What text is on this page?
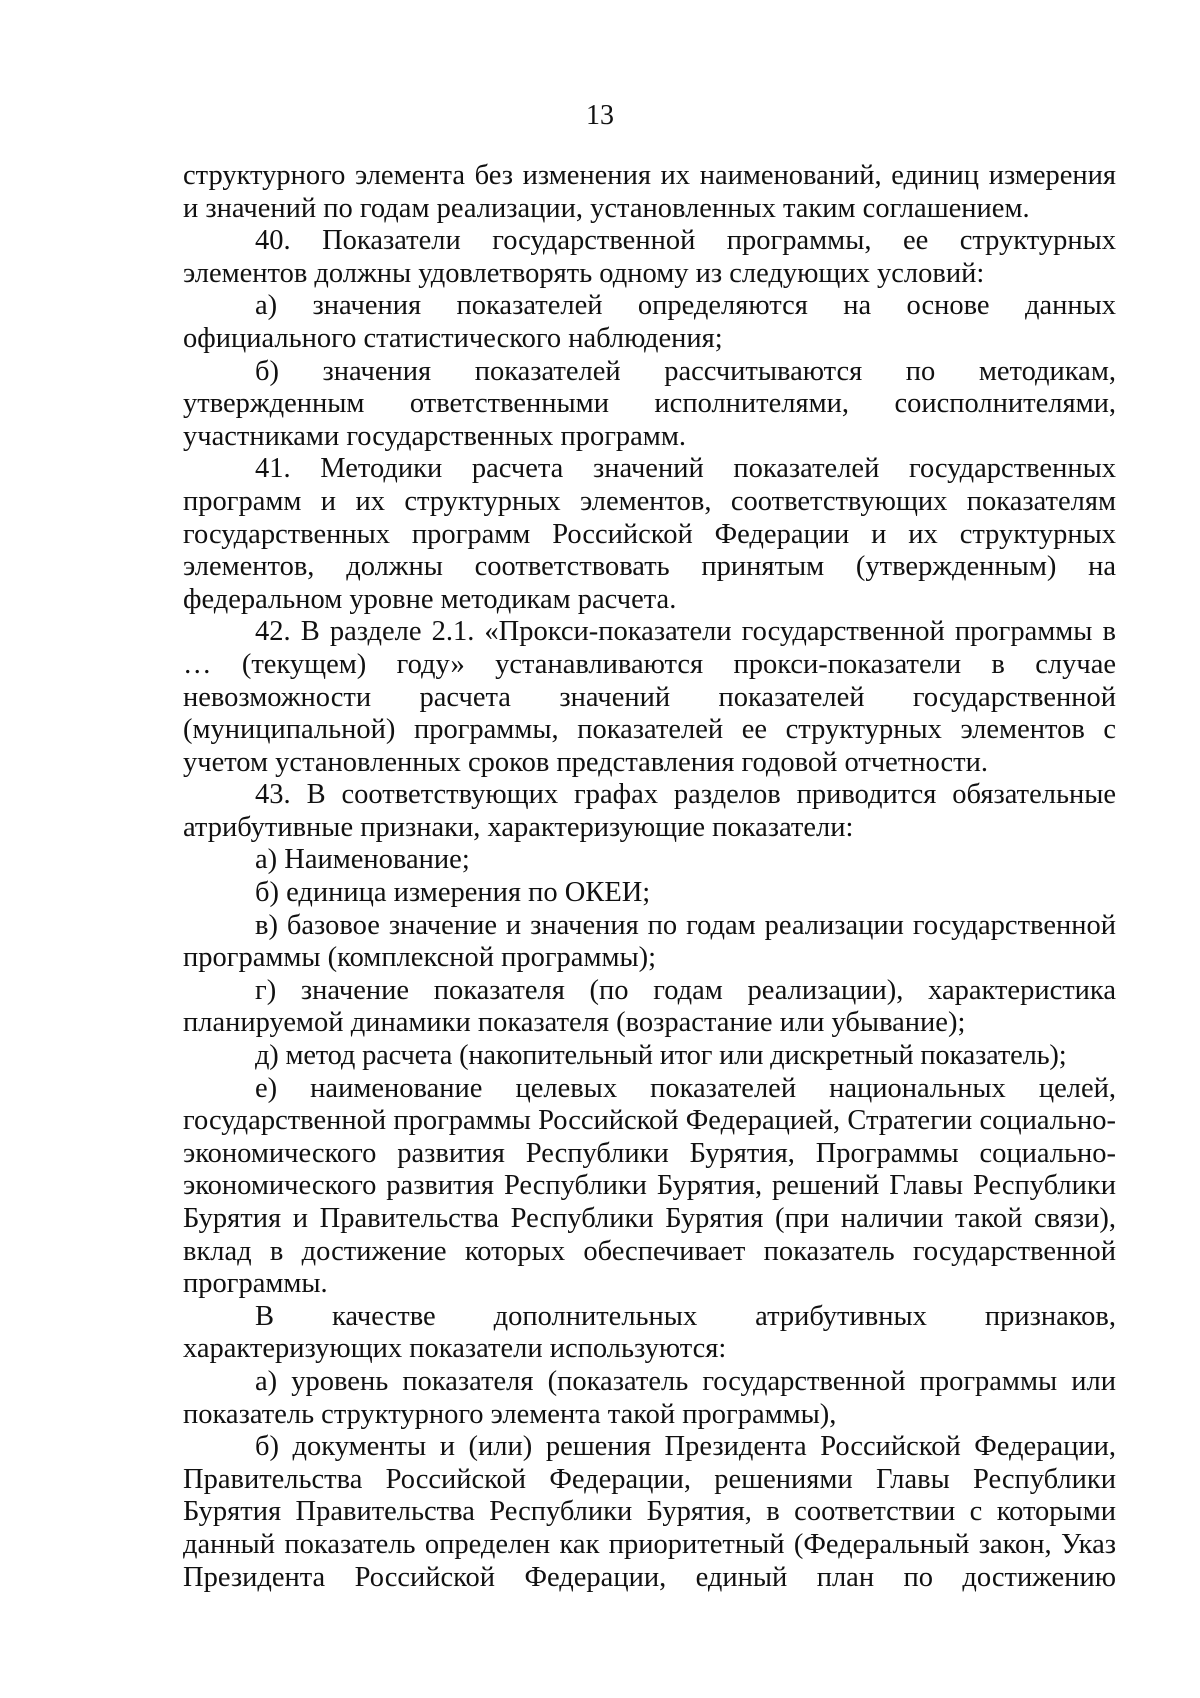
13

структурного элемента без изменения их наименований, единиц измерения и значений по годам реализации, установленных таким соглашением.

40. Показатели государственной программы, ее структурных элементов должны удовлетворять одному из следующих условий:

а) значения показателей определяются на основе данных официального статистического наблюдения;

б) значения показателей рассчитываются по методикам, утвержденным ответственными исполнителями, соисполнителями, участниками государственных программ.

41. Методики расчета значений показателей государственных программ и их структурных элементов, соответствующих показателям государственных программ Российской Федерации и их структурных элементов, должны соответствовать принятым (утвержденным) на федеральном уровне методикам расчета.

42. В разделе 2.1. «Прокси-показатели государственной программы в … (текущем) году» устанавливаются прокси-показатели в случае невозможности расчета значений показателей государственной (муниципальной) программы, показателей ее структурных элементов с учетом установленных сроков представления годовой отчетности.

43. В соответствующих графах разделов приводится обязательные атрибутивные признаки, характеризующие показатели:

а) Наименование;

б) единица измерения по ОКЕИ;

в) базовое значение и значения по годам реализации государственной программы (комплексной программы);

г) значение показателя (по годам реализации), характеристика планируемой динамики показателя (возрастание или убывание);

д) метод расчета (накопительный итог или дискретный показатель);

е) наименование целевых показателей национальных целей, государственной программы Российской Федерацией, Стратегии социально-экономического развития Республики Бурятия, Программы социально-экономического развития Республики Бурятия, решений Главы Республики Бурятия и Правительства Республики Бурятия (при наличии такой связи), вклад в достижение которых обеспечивает показатель государственной программы.

В качестве дополнительных атрибутивных признаков, характеризующих показатели используются:

а) уровень показателя (показатель государственной программы или показатель структурного элемента такой программы),

б) документы и (или) решения Президента Российской Федерации, Правительства Российской Федерации, решениями Главы Республики Бурятия Правительства Республики Бурятия, в соответствии с которыми данный показатель определен как приоритетный (Федеральный закон, Указ Президента Российской Федерации, единый план по достижению
